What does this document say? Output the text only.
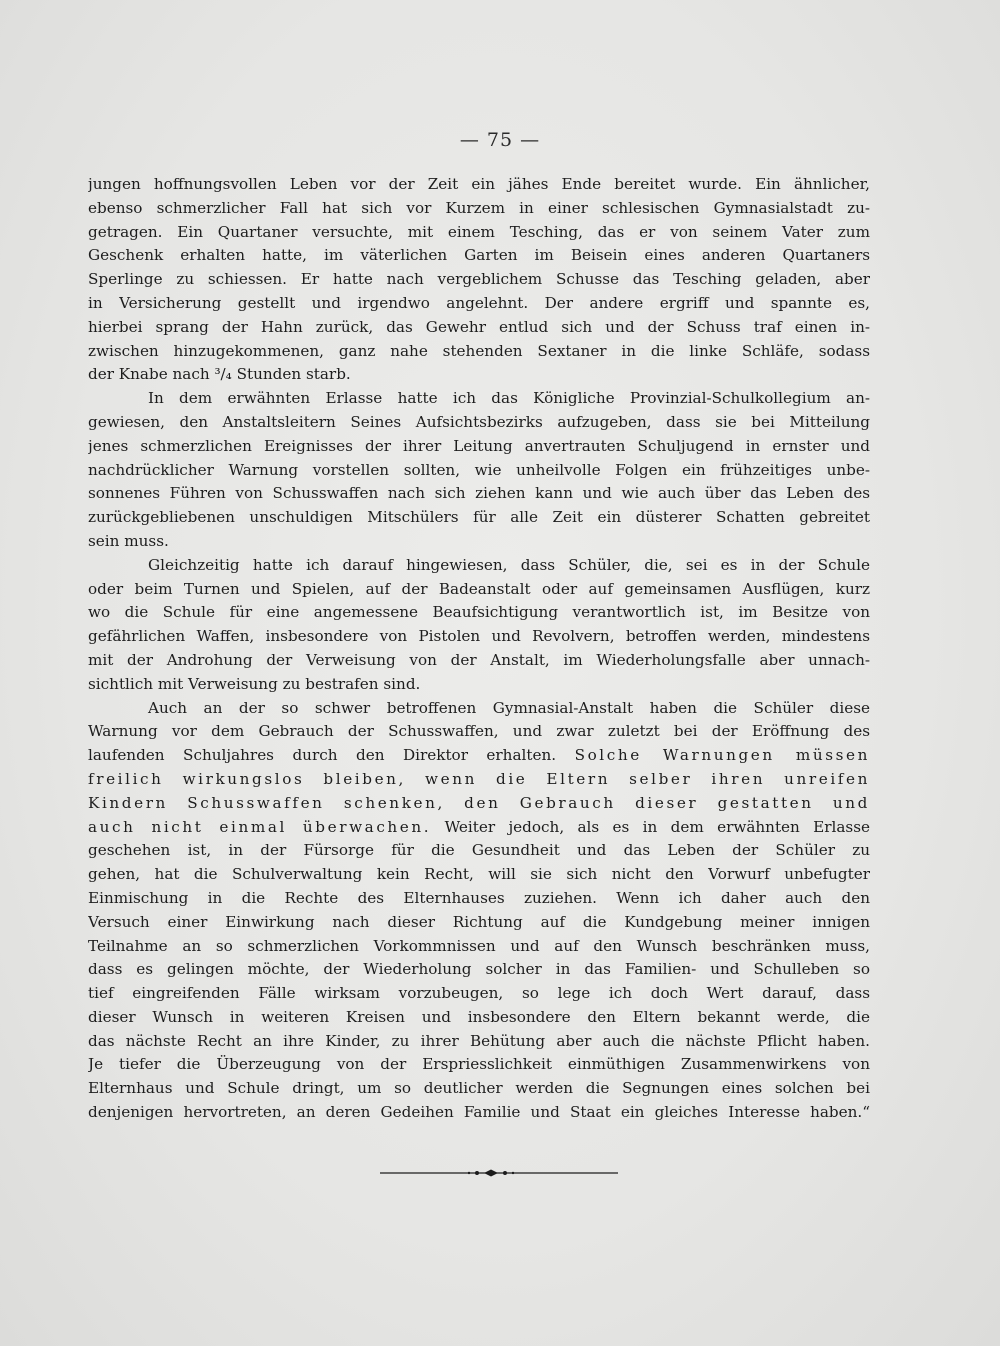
— 75 —
jungen hoffnungsvollen Leben vor der Zeit ein jähes Ende bereitet wurde. Ein ähnlicher,
ebenso schmerzlicher Fall hat sich vor Kurzem in einer schlesischen Gymnasialstadt zu-
getragen. Ein Quartaner versuchte, mit einem Tesching, das er von seinem Vater zum
Geschenk erhalten hatte, im väterlichen Garten im Beisein eines anderen Quartaners
Sperlinge zu schiessen. Er hatte nach vergeblichem Schusse das Tesching geladen, aber
in Versicherung gestellt und irgendwo angelehnt. Der andere ergriff und spannte es,
hierbei sprang der Hahn zurück, das Gewehr entlud sich und der Schuss traf einen in-
zwischen hinzugekommenen, ganz nahe stehenden Sextaner in die linke Schläfe, sodass
der Knabe nach ³/₄ Stunden starb.
In dem erwähnten Erlasse hatte ich das Königliche Provinzial-Schulkollegium an-
gewiesen, den Anstaltsleitern Seines Aufsichtsbezirks aufzugeben, dass sie bei Mitteilung
jenes schmerzlichen Ereignisses der ihrer Leitung anvertrauten Schuljugend in ernster und
nachdrücklicher Warnung vorstellen sollten, wie unheilvolle Folgen ein frühzeitiges unbe-
sonnenes Führen von Schusswaffen nach sich ziehen kann und wie auch über das Leben des
zurückgebliebenen unschuldigen Mitschülers für alle Zeit ein düsterer Schatten gebreitet
sein muss.
Gleichzeitig hatte ich darauf hingewiesen, dass Schüler, die, sei es in der Schule
oder beim Turnen und Spielen, auf der Badeanstalt oder auf gemeinsamen Ausflügen, kurz
wo die Schule für eine angemessene Beaufsichtigung verantwortlich ist, im Besitze von
gefährlichen Waffen, insbesondere von Pistolen und Revolvern, betroffen werden, mindestens
mit der Androhung der Verweisung von der Anstalt, im Wiederholungsfalle aber unnach-
sichtlich mit Verweisung zu bestrafen sind.
Auch an der so schwer betroffenen Gymnasial-Anstalt haben die Schüler diese
Warnung vor dem Gebrauch der Schusswaffen, und zwar zuletzt bei der Eröffnung des
laufenden Schuljahres durch den Direktor erhalten. Solche Warnungen müssen
freilich wirkungslos bleiben, wenn die Eltern selber ihren unreifen
Kindern Schusswaffen schenken, den Gebrauch dieser gestatten und
auch nicht einmal überwachen. Weiter jedoch, als es in dem erwähnten Erlasse
geschehen ist, in der Fürsorge für die Gesundheit und das Leben der Schüler zu
gehen, hat die Schulverwaltung kein Recht, will sie sich nicht den Vorwurf unbefugter
Einmischung in die Rechte des Elternhauses zuziehen. Wenn ich daher auch den
Versuch einer Einwirkung nach dieser Richtung auf die Kundgebung meiner innigen
Teilnahme an so schmerzlichen Vorkommnissen und auf den Wunsch beschränken muss,
dass es gelingen möchte, der Wiederholung solcher in das Familien- und Schulleben so
tief eingreifenden Fälle wirksam vorzubeugen, so lege ich doch Wert darauf, dass
dieser Wunsch in weiteren Kreisen und insbesondere den Eltern bekannt werde, die
das nächste Recht an ihre Kinder, zu ihrer Behütung aber auch die nächste Pflicht haben.
Je tiefer die Überzeugung von der Erspriesslichkeit einmüthigen Zusammenwirkens von
Elternhaus und Schule dringt, um so deutlicher werden die Segnungen eines solchen bei
denjenigen hervortreten, an deren Gedeihen Familie und Staat ein gleiches Interesse haben.“
